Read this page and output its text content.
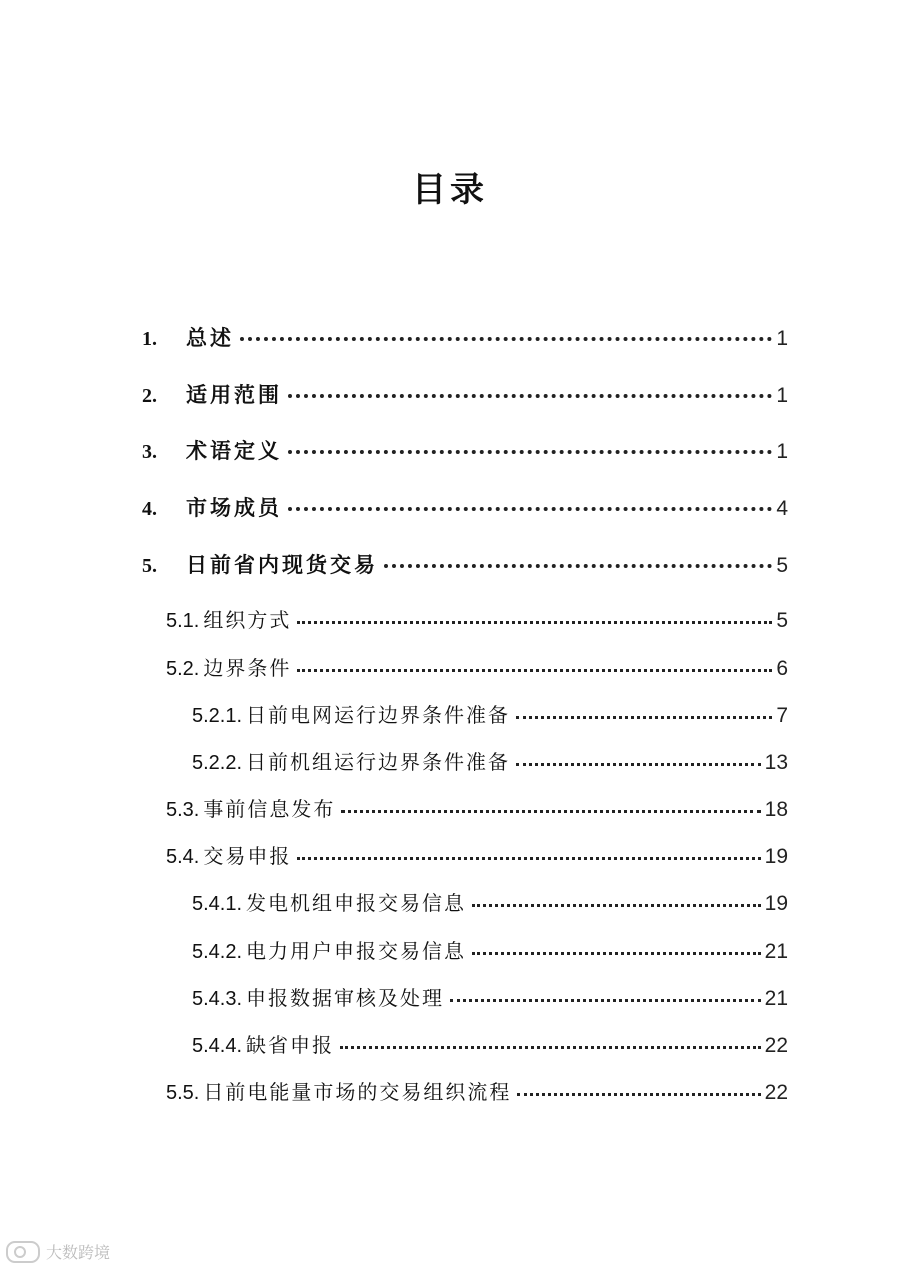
目录
1.	总述	1
2.	适用范围	1
3.	术语定义	1
4.	市场成员	4
5.	日前省内现货交易	5
5.1. 组织方式	5
5.2. 边界条件	6
5.2.1. 日前电网运行边界条件准备	7
5.2.2. 日前机组运行边界条件准备	13
5.3. 事前信息发布	18
5.4. 交易申报	19
5.4.1. 发电机组申报交易信息	19
5.4.2. 电力用户申报交易信息	21
5.4.3. 申报数据审核及处理	21
5.4.4. 缺省申报	22
5.5. 日前电能量市场的交易组织流程	22
大数跨境
